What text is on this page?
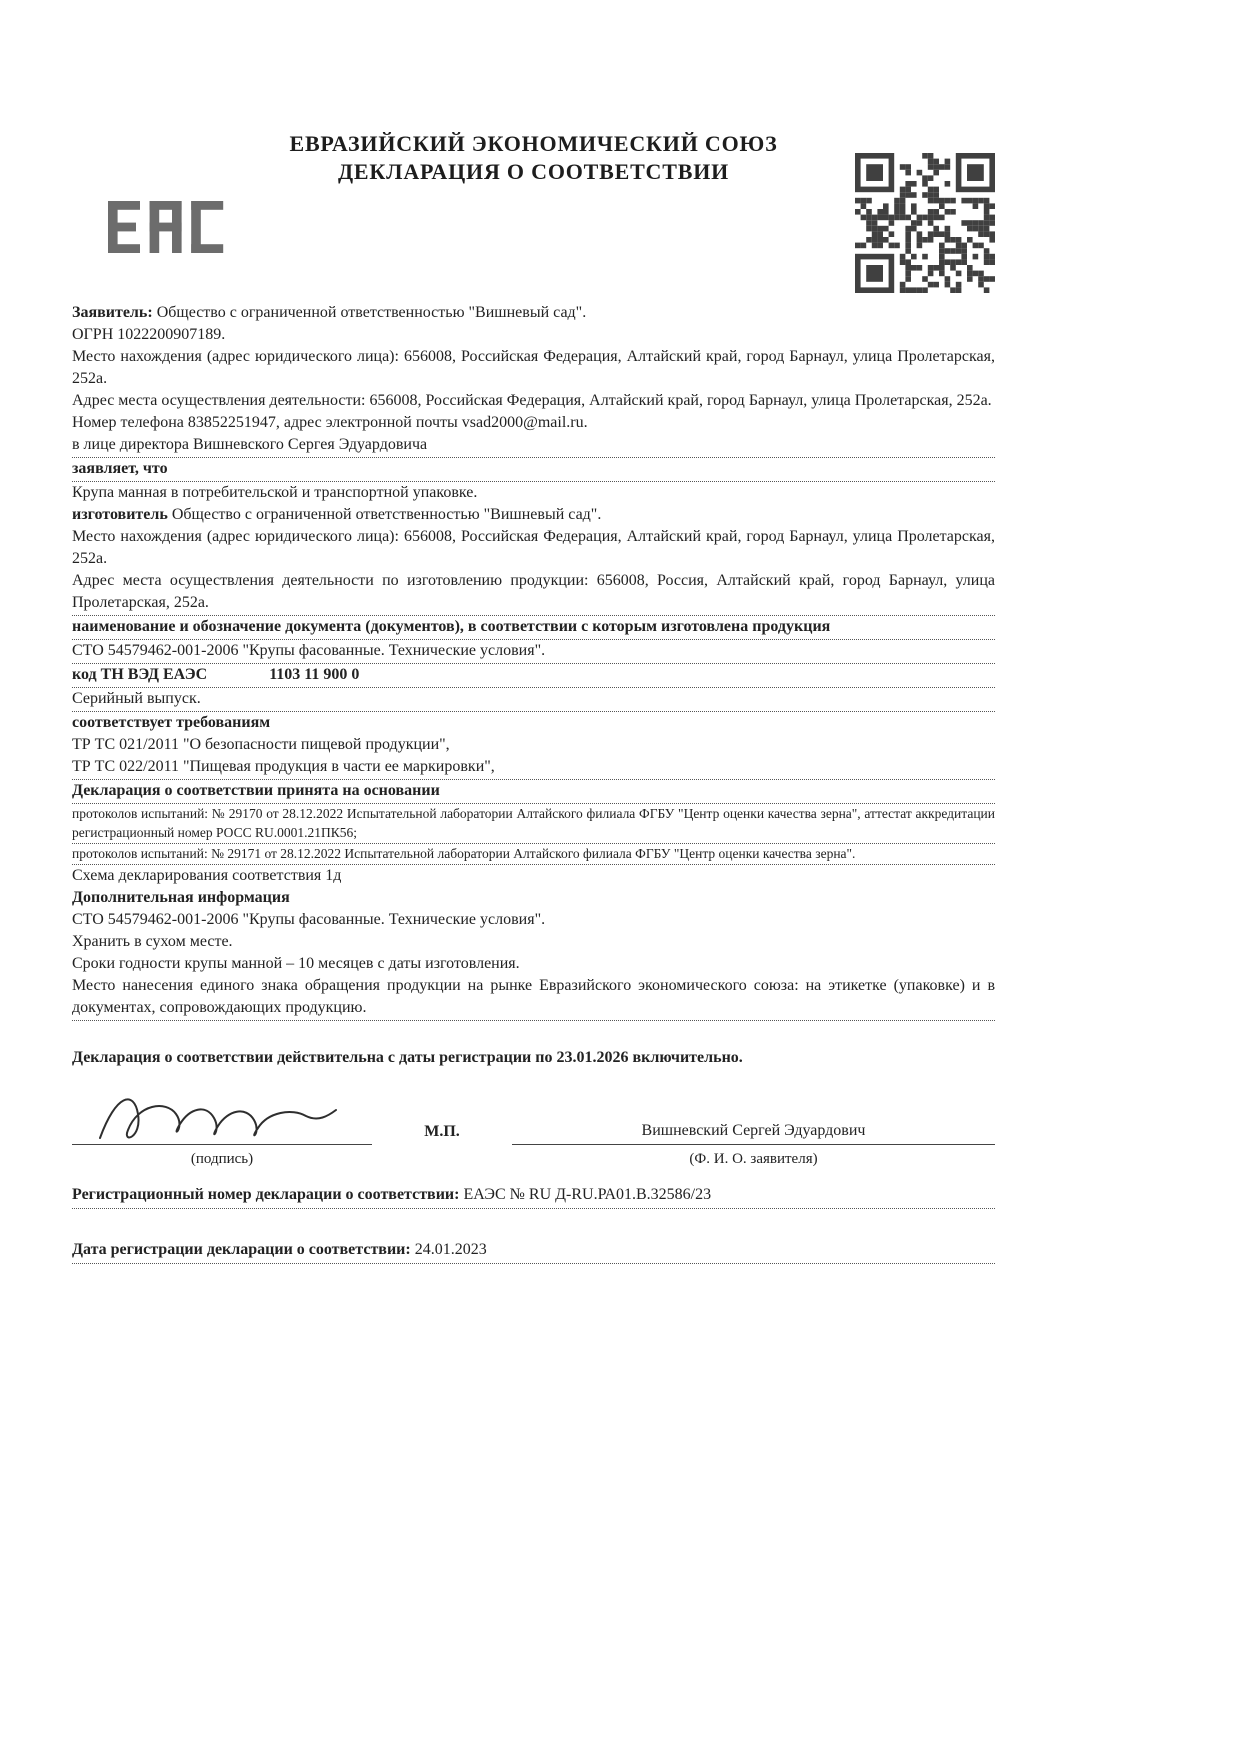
ЕВРАЗИЙСКИЙ ЭКОНОМИЧЕСКИЙ СОЮЗ
ДЕКЛАРАЦИЯ О СООТВЕТСТВИИ

Заявитель: Общество с ограниченной ответственностью "Вишневый сад".

ОГРН 1022200907189.

Место нахождения (адрес юридического лица): 656008, Российская Федерация, Алтайский край, город Барнаул, улица Пролетарская, 252а.

Адрес места осуществления деятельности: 656008, Российская Федерация, Алтайский край, город Барнаул, улица Пролетарская, 252а.

Номер телефона 83852251947, адрес электронной почты vsad2000@mail.ru.

в лице директора Вишневского Сергея Эдуардовича

заявляет, что

Крупа манная в потребительской и транспортной упаковке.

изготовитель Общество с ограниченной ответственностью "Вишневый сад".

Место нахождения (адрес юридического лица): 656008, Российская Федерация, Алтайский край, город Барнаул, улица Пролетарская, 252а.

Адрес места осуществления деятельности по изготовлению продукции: 656008, Россия, Алтайский край, город Барнаул, улица Пролетарская, 252а.

наименование и обозначение документа (документов), в соответствии с которым изготовлена продукция

СТО 54579462-001-2006 "Крупы фасованные. Технические условия".

код ТН ВЭД ЕАЭС	1103 11 900 0

Серийный выпуск.

соответствует требованиям

ТР ТС 021/2011 "О безопасности пищевой продукции",

ТР ТС 022/2011 "Пищевая продукция в части ее маркировки",

Декларация о соответствии принята на основании

протоколов испытаний: № 29170 от 28.12.2022 Испытательной лаборатории Алтайского филиала ФГБУ "Центр оценки качества зерна", аттестат аккредитации регистрационный номер РОСС RU.0001.21ПК56;

протоколов испытаний: № 29171 от 28.12.2022 Испытательной лаборатории Алтайского филиала ФГБУ "Центр оценки качества зерна".

Схема декларирования соответствия 1д

Дополнительная информация

СТО 54579462-001-2006 "Крупы фасованные. Технические условия".

Хранить в сухом месте.

Сроки годности крупы манной – 10 месяцев с даты изготовления.

Место нанесения единого знака обращения продукции на рынке Евразийского экономического союза: на этикетке (упаковке) и в документах, сопровождающих продукцию.

Декларация о соответствии действительна с даты регистрации по 23.01.2026 включительно.

М.П.	Вишневский Сергей Эдуардович
(подпись)	(Ф. И. О. заявителя)

Регистрационный номер декларации о соответствии: ЕАЭС № RU Д-RU.РА01.В.32586/23

Дата регистрации декларации о соответствии: 24.01.2023
